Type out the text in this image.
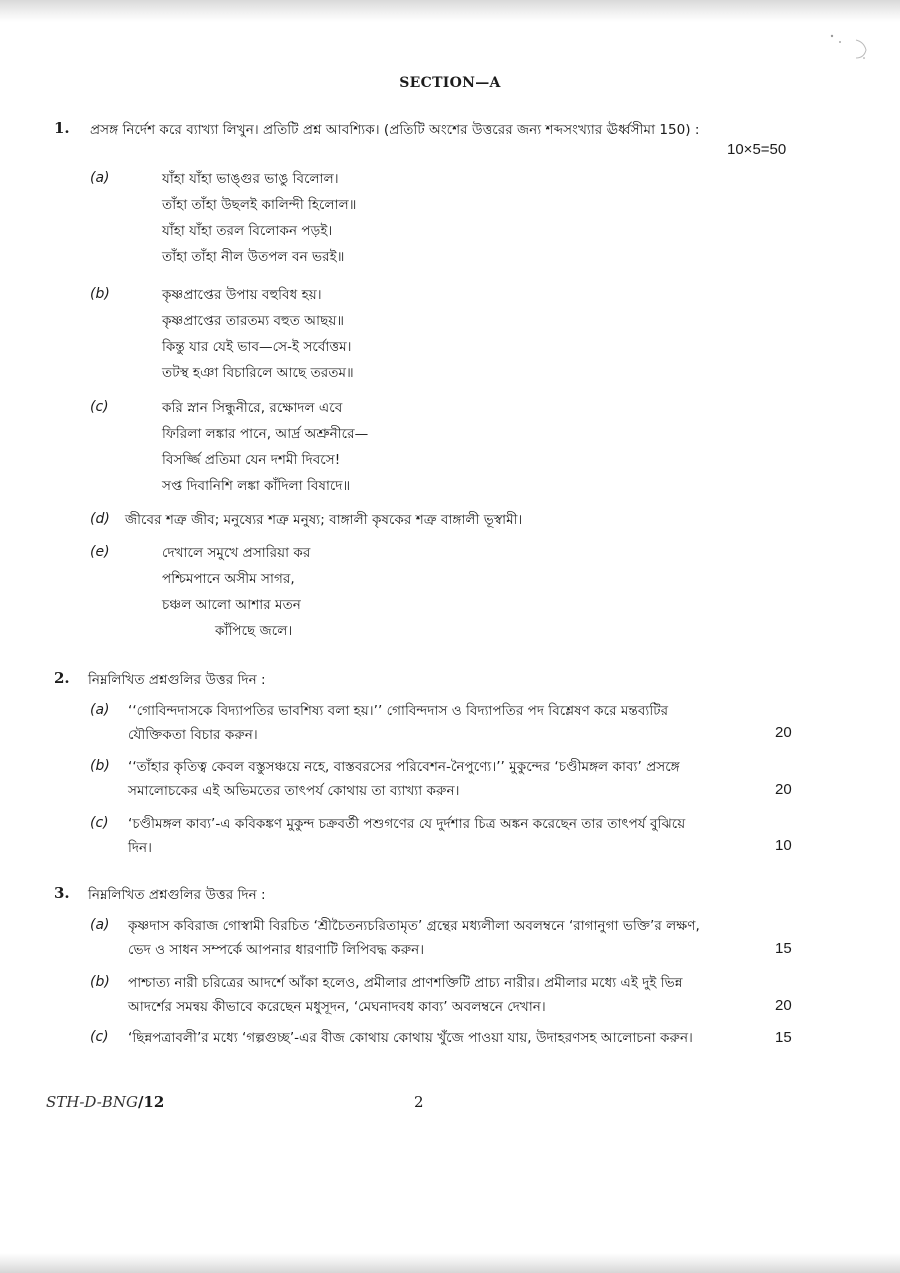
SECTION—A
1. প্রসঙ্গ নির্দেশ করে ব্যাখ্যা লিখুন। প্রতিটি প্রশ্ন আবশ্যিক। (প্রতিটি অংশের উত্তরের জন্য শব্দসংখ্যার ঊর্ধ্বসীমা 150) :
10×5=50
(a)	যাঁহা যাঁহা ভাঙ্গুর ভাঙু বিলোল।
তাঁহা তাঁহা উছলই কালিন্দী হিলোল॥
যাঁহা যাঁহা তরল বিলোকন পড়ই।
তাঁহা তাঁহা নীল উতপল বন ভরই॥
(b)	কৃষ্ণপ্রাপ্তের উপায় বহুবিধ হয়।
কৃষ্ণপ্রাপ্তের তারতম্য বহুত আছয়॥
কিন্তু যার যেই ভাব—সে-ই সর্বোত্তম।
তটস্থ হঞা বিচারিলে আছে তরতম॥
(c)	করি স্নান সিন্ধুনীরে, রক্ষোদল এবে
ফিরিলা লঙ্কার পানে, আর্দ্র অশ্রুনীরে—
বিসর্জ্জি প্রতিমা যেন দশমী দিবসে!
সপ্ত দিবানিশি লঙ্কা কাঁদিলা বিষাদে॥
(d) জীবের শত্রু জীব; মনুষ্যের শত্রু মনুষ্য; বাঙ্গালী কৃষকের শত্রু বাঙ্গালী ভূস্বামী।
(e)	দেখালে সমুখে প্রসারিয়া কর
পশ্চিমপানে অসীম সাগর,
চঞ্চল আলো আশার মতন
কাঁপিছে জলে।
2. নিম্নলিখিত প্রশ্নগুলির উত্তর দিন :
(a) ‘‘গোবিন্দদাসকে বিদ্যাপতির ভাবশিষ্য বলা হয়।’’ গোবিন্দদাস ও বিদ্যাপতির পদ বিশ্লেষণ করে মন্তব্যটির
যৌক্তিকতা বিচার করুন।	20
(b) ‘‘তাঁহার কৃতিত্ব কেবল বস্তুসঞ্চয়ে নহে, বাস্তবরসের পরিবেশন-নৈপুণ্যে।’’ মুকুন্দের ‘চণ্ডীমঙ্গল কাব্য’ প্রসঙ্গে
সমালোচকের এই অভিমতের তাৎপর্য কোথায় তা ব্যাখ্যা করুন।	20
(c) ‘চণ্ডীমঙ্গল কাব্য’-এ কবিকঙ্কণ মুকুন্দ চক্রবর্তী পশুগণের যে দুর্দশার চিত্র অঙ্কন করেছেন তার তাৎপর্য বুঝিয়ে
দিন।	10
3. নিম্নলিখিত প্রশ্নগুলির উত্তর দিন :
(a) কৃষ্ণদাস কবিরাজ গোস্বামী বিরচিত ‘শ্রীচৈতন্যচরিতামৃত’ গ্রন্থের মধ্যলীলা অবলম্বনে ‘রাগানুগা ভক্তি’র লক্ষণ,
ভেদ ও সাধন সম্পর্কে আপনার ধারণাটি লিপিবদ্ধ করুন।	15
(b) পাশ্চাত্য নারী চরিত্রের আদর্শে আঁকা হলেও, প্রমীলার প্রাণশক্তিটি প্রাচ্য নারীর। প্রমীলার মধ্যে এই দুই ভিন্ন
আদর্শের সমন্বয় কীভাবে করেছেন মধুসূদন, ‘মেঘনাদবধ কাব্য’ অবলম্বনে দেখান।	20
(c) ‘ছিন্নপত্রাবলী’র মধ্যে ‘গল্পগুচ্ছ’-এর বীজ কোথায় কোথায় খুঁজে পাওয়া যায়, উদাহরণসহ আলোচনা করুন।	15
STH-D-BNG/12	2
